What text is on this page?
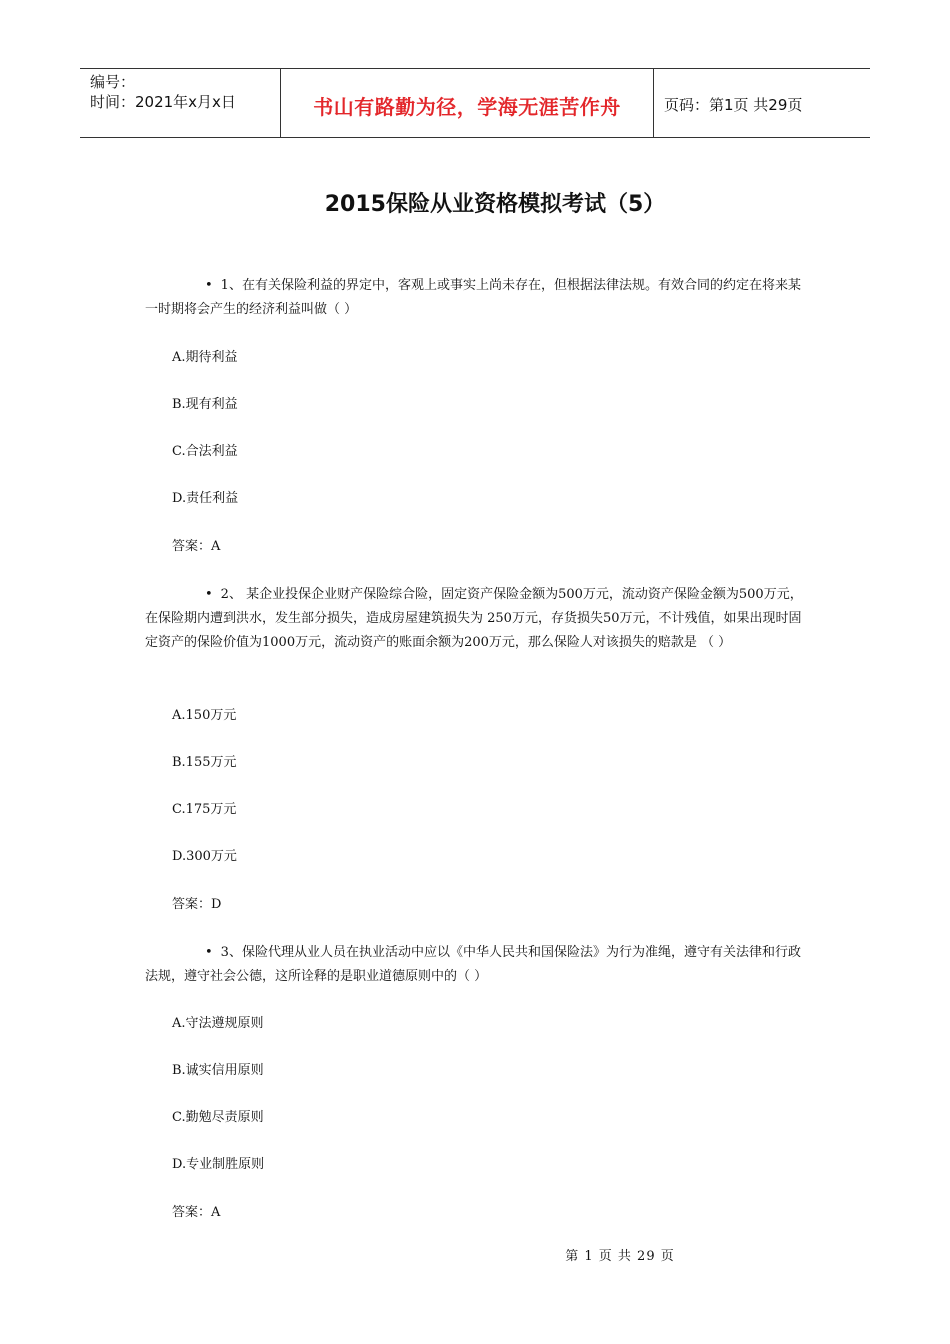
编号：
时间：2021年x月x日	书山有路勤为径，学海无涯苦作舟	页码：第1页 共29页
2015保险从业资格模拟考试（5）
• 1、在有关保险利益的界定中，客观上或事实上尚未存在，但根据法律法规。有效合同的约定在将来某一时期将会产生的经济利益叫做（ ）
A.期待利益
B.现有利益
C.合法利益
D.责任利益
答案：A
• 2、 某企业投保企业财产保险综合险，固定资产保险金额为500万元，流动资产保险金额为500万元，在保险期内遭到洪水，发生部分损失，造成房屋建筑损失为 250万元，存货损失50万元，不计残值，如果出现时固定资产的保险价值为1000万元，流动资产的账面余额为200万元，那么保险人对该损失的赔款是 （ ）
A.150万元
B.155万元
C.175万元
D.300万元
答案：D
• 3、保险代理从业人员在执业活动中应以《中华人民共和国保险法》为行为准绳，遵守有关法律和行政法规，遵守社会公德，这所诠释的是职业道德原则中的（ ）
A.守法遵规原则
B.诚实信用原则
C.勤勉尽责原则
D.专业制胜原则
答案：A
第 1 页 共 29 页
